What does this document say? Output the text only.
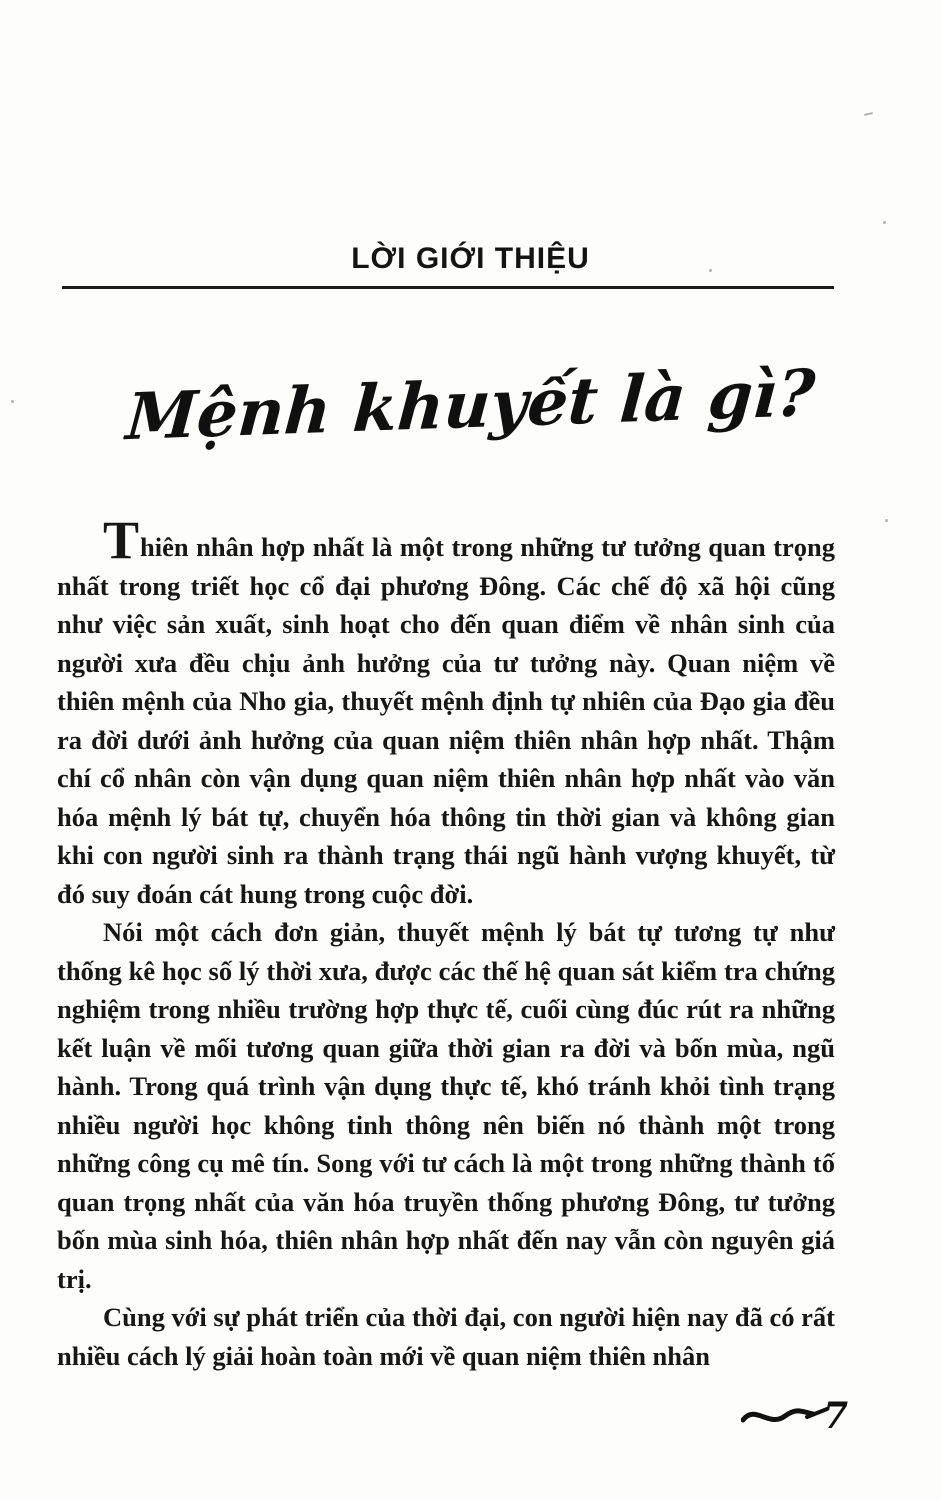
LỜI GIỚI THIỆU
Mệnh khuyết là gì?

Thiên nhân hợp nhất là một trong những tư tưởng quan trọng nhất trong triết học cổ đại phương Đông. Các chế độ xã hội cũng như việc sản xuất, sinh hoạt cho đến quan điểm về nhân sinh của người xưa đều chịu ảnh hưởng của tư tưởng này. Quan niệm về thiên mệnh của Nho gia, thuyết mệnh định tự nhiên của Đạo gia đều ra đời dưới ảnh hưởng của quan niệm thiên nhân hợp nhất. Thậm chí cổ nhân còn vận dụng quan niệm thiên nhân hợp nhất vào văn hóa mệnh lý bát tự, chuyển hóa thông tin thời gian và không gian khi con người sinh ra thành trạng thái ngũ hành vượng khuyết, từ đó suy đoán cát hung trong cuộc đời.

Nói một cách đơn giản, thuyết mệnh lý bát tự tương tự như thống kê học số lý thời xưa, được các thế hệ quan sát kiểm tra chứng nghiệm trong nhiều trường hợp thực tế, cuối cùng đúc rút ra những kết luận về mối tương quan giữa thời gian ra đời và bốn mùa, ngũ hành. Trong quá trình vận dụng thực tế, khó tránh khỏi tình trạng nhiều người học không tinh thông nên biến nó thành một trong những công cụ mê tín. Song với tư cách là một trong những thành tố quan trọng nhất của văn hóa truyền thống phương Đông, tư tưởng bốn mùa sinh hóa, thiên nhân hợp nhất đến nay vẫn còn nguyên giá trị.

Cùng với sự phát triển của thời đại, con người hiện nay đã có rất nhiều cách lý giải hoàn toàn mới về quan niệm thiên nhân

7
